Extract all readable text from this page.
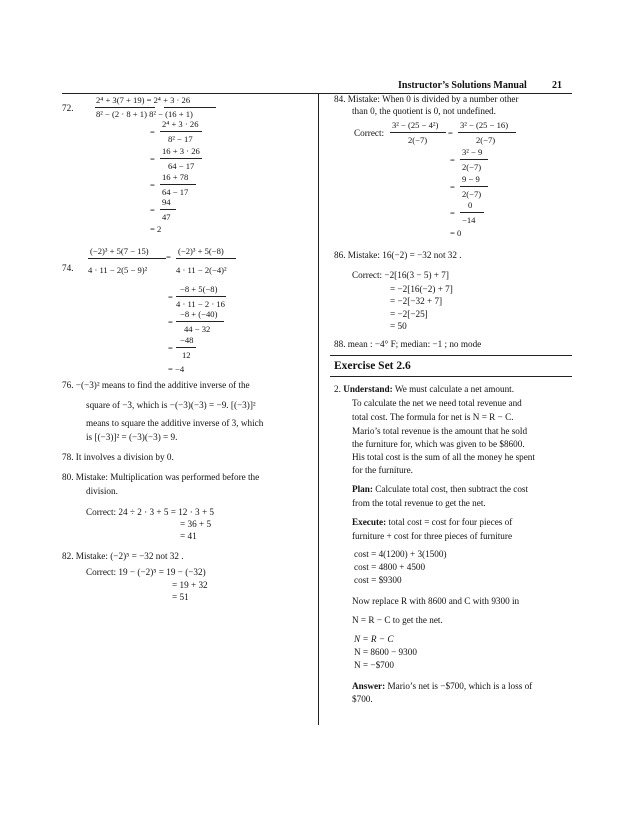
Instructor’s Solutions Manual	21
72.
2⁴ + 3(7 + 19) = 2⁴ + 3 · 26
8² − (2 · 8 + 1) 8² − (16 + 1)
=
2⁴ + 3 · 26
8² − 17
=
16 + 3 · 26
64 − 17
=
16 + 78
64 − 17
=
94
47
= 2
74.
(−2)³ + 5(7 − 15)
4 · 11 − 2(5 − 9)²
=
(−2)³ + 5(−8)
4 · 11 − 2(−4)²
=
−8 + 5(−8)
4 · 11 − 2 · 16
=
−8 + (−40)
44 − 32
=
−48
12
= −4
76. −(−3)² means to find the additive inverse of the
square of −3, which is −(−3)(−3) = −9. [(−3)]²
means to square the additive inverse of 3, which
is [(−3)]² = (−3)(−3) = 9.
78. It involves a division by 0.
80. Mistake: Multiplication was performed before the
division.
Correct: 24 ÷ 2 · 3 + 5 = 12 · 3 + 5
= 36 + 5
= 41
82. Mistake: (−2)⁵ = −32 not 32 .
Correct: 19 − (−2)⁵ = 19 − (−32)
= 19 + 32
= 51
84. Mistake: When 0 is divided by a number other
than 0, the quotient is 0, not undefined.
Correct:
3² − (25 − 4²)
2(−7)
=
3² − (25 − 16)
2(−7)
=
3² − 9
2(−7)
=
9 − 9
2(−7)
=
0
−14
= 0
86. Mistake: 16(−2) = −32 not 32 .
Correct: −2[16(3 − 5) + 7]
= −2[16(−2) + 7]
= −2[−32 + 7]
= −2[−25]
= 50
88. mean : −4° F; median: −1 ; no mode
Exercise Set 2.6
2. Understand: We must calculate a net amount.
To calculate the net we need total revenue and
total cost. The formula for net is N = R − C.
Mario’s total revenue is the amount that he sold
the furniture for, which was given to be $8600.
His total cost is the sum of all the money he spent
for the furniture.
Plan: Calculate total cost, then subtract the cost
from the total revenue to get the net.
Execute: total cost = cost for four pieces of
furniture + cost for three pieces of furniture
cost = 4(1200) + 3(1500)
cost = 4800 + 4500
cost = $9300
Now replace R with 8600 and C with 9300 in
N = R − C to get the net.
N = R − C
N = 8600 − 9300
N = −$700
Answer: Mario’s net is −$700, which is a loss of
$700.
